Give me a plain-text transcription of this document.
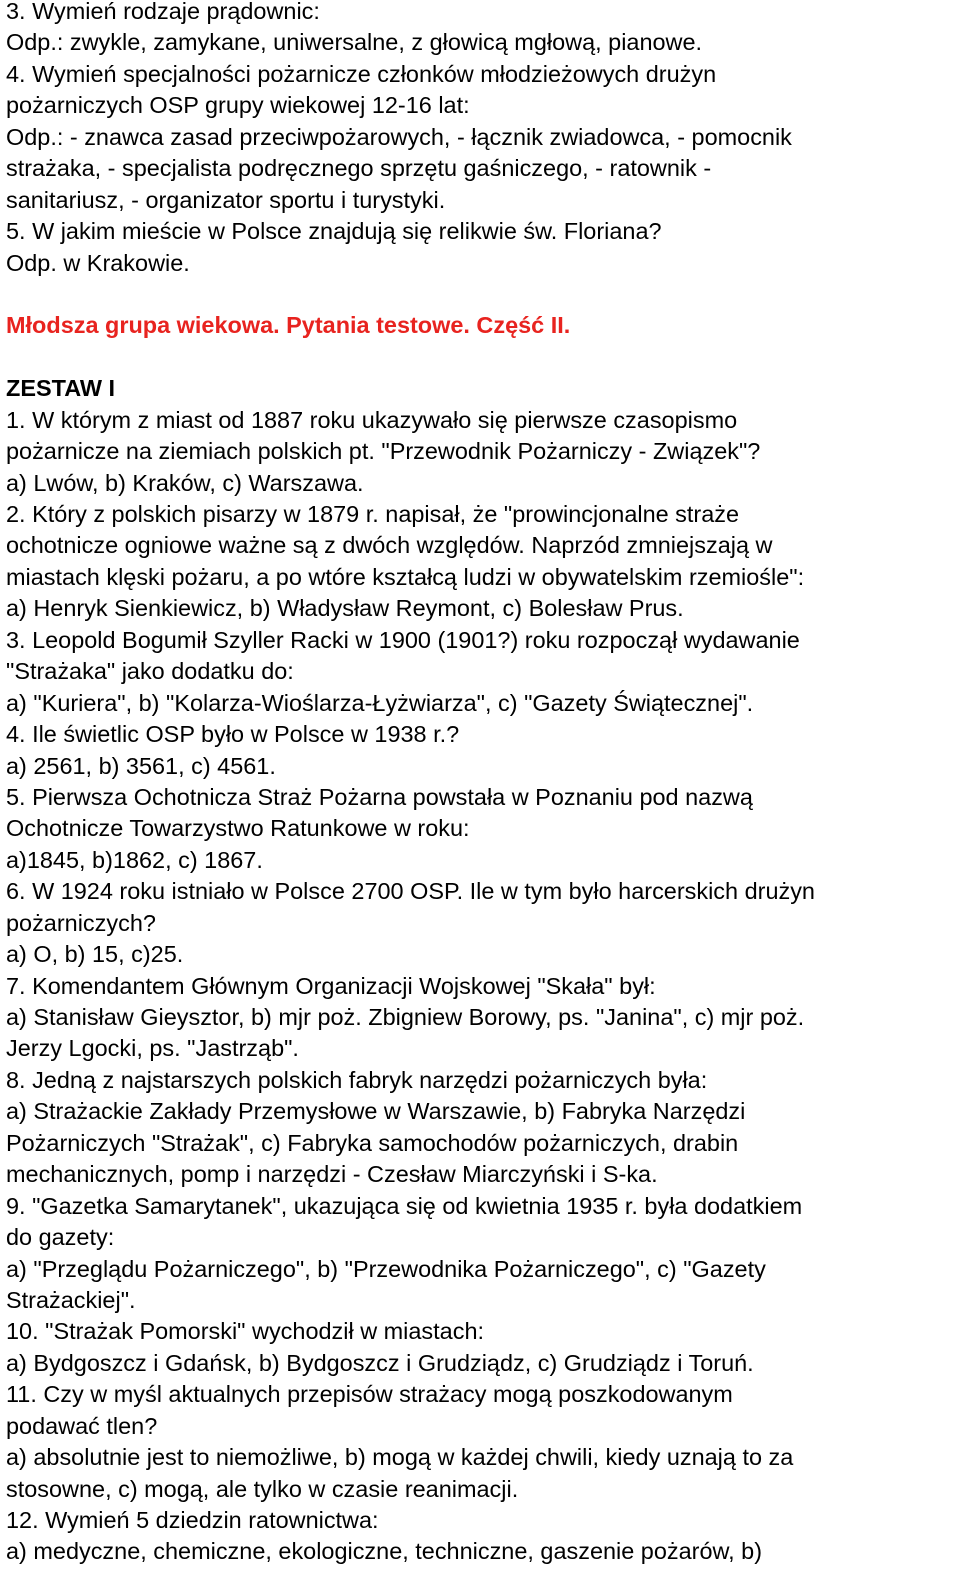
3. Wymień rodzaje prądownic:
Odp.: zwykle, zamykane, uniwersalne, z głowicą mgłową, pianowe.
4. Wymień specjalności pożarnicze członków młodzieżowych drużyn
pożarniczych OSP grupy wiekowej 12-16 lat:
Odp.: - znawca zasad przeciwpożarowych, - łącznik zwiadowca, - pomocnik
strażaka, - specjalista podręcznego sprzętu gaśniczego, - ratownik -
sanitariusz, - organizator sportu i turystyki.
5. W jakim mieście w Polsce znajdują się relikwie św. Floriana?
Odp. w Krakowie.
Młodsza grupa wiekowa. Pytania testowe. Część II.
ZESTAW I
1. W którym z miast od 1887 roku ukazywało się pierwsze czasopismo
pożarnicze na ziemiach polskich pt. "Przewodnik Pożarniczy - Związek"?
a) Lwów, b) Kraków, c) Warszawa.
2. Który z polskich pisarzy w 1879 r. napisał, że "prowincjonalne straże
ochotnicze ogniowe ważne są z dwóch względów. Naprzód zmniejszają w
miastach klęski pożaru, a po wtóre kształcą ludzi w obywatelskim rzemiośle":
a) Henryk Sienkiewicz, b) Władysław Reymont, c) Bolesław Prus.
3. Leopold Bogumił Szyller Racki w 1900 (1901?) roku rozpoczął wydawanie
"Strażaka" jako dodatku do:
a) "Kuriera", b) "Kolarza-Wioślarza-Łyżwiarza", c) "Gazety Świątecznej".
4. Ile świetlic OSP było w Polsce w 1938 r.?
a) 2561, b) 3561, c) 4561.
5. Pierwsza Ochotnicza Straż Pożarna powstała w Poznaniu pod nazwą
Ochotnicze Towarzystwo Ratunkowe w roku:
a)1845, b)1862, c) 1867.
6. W 1924 roku istniało w Polsce 2700 OSP. Ile w tym było harcerskich drużyn
pożarniczych?
a) O, b) 15, c)25.
7. Komendantem Głównym Organizacji Wojskowej "Skała" był:
a) Stanisław Gieysztor, b) mjr poż. Zbigniew Borowy, ps. "Janina", c) mjr poż.
Jerzy Lgocki, ps. "Jastrząb".
8. Jedną z najstarszych polskich fabryk narzędzi pożarniczych była:
a) Strażackie Zakłady Przemysłowe w Warszawie, b) Fabryka Narzędzi
Pożarniczych "Strażak", c) Fabryka samochodów pożarniczych, drabin
mechanicznych, pomp i narzędzi - Czesław Miarczyński i S-ka.
9. "Gazetka Samarytanek", ukazująca się od kwietnia 1935 r. była dodatkiem
do gazety:
a) "Przeglądu Pożarniczego", b) "Przewodnika Pożarniczego", c) "Gazety
Strażackiej".
10. "Strażak Pomorski" wychodził w miastach:
a) Bydgoszcz i Gdańsk, b) Bydgoszcz i Grudziądz, c) Grudziądz i Toruń.
11. Czy w myśl aktualnych przepisów strażacy mogą poszkodowanym
podawać tlen?
a) absolutnie jest to niemożliwe, b) mogą w każdej chwili, kiedy uznają to za
stosowne, c) mogą, ale tylko w czasie reanimacji.
12. Wymień 5 dziedzin ratownictwa:
a) medyczne, chemiczne, ekologiczne, techniczne, gaszenie pożarów, b)
